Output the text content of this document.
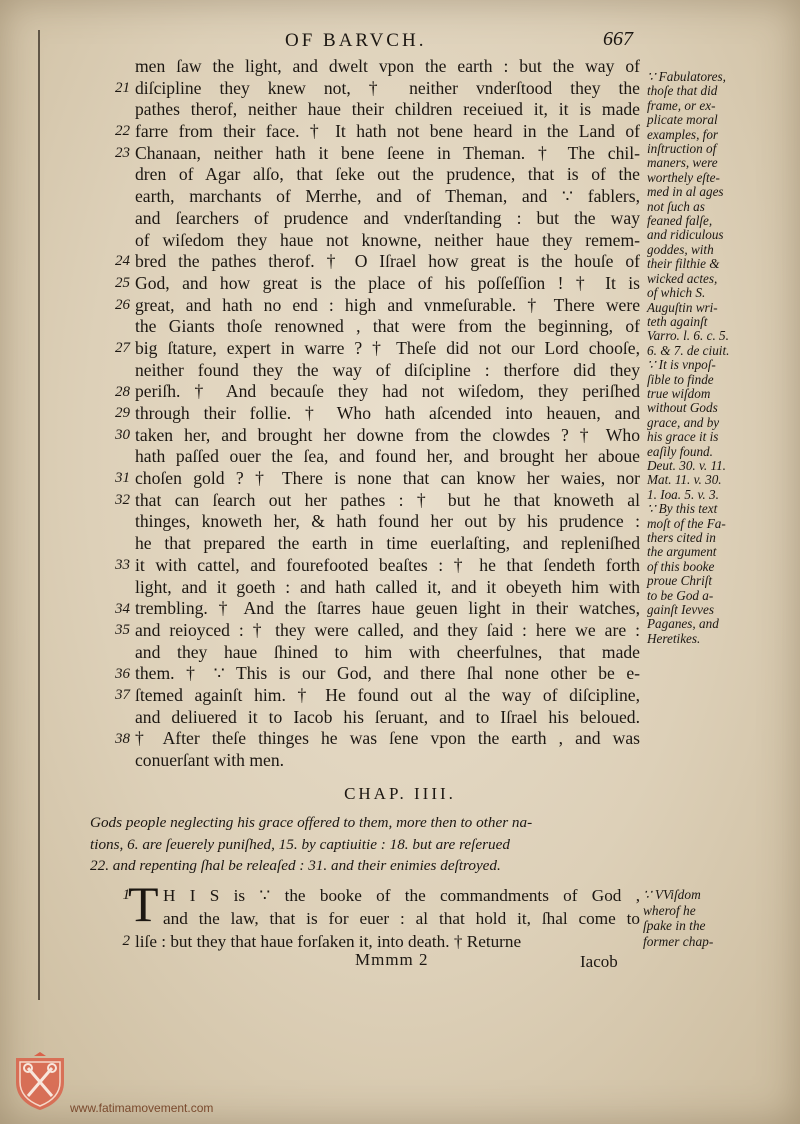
OF BARVCH.	667
21
22
23
24
25
26
27
28
29
30
31
32
33
34
35
36
37
38
men ſaw the light, and dwelt vpon the earth : but the way of
diſcipline they knew not, † neither vnderſtood they the
pathes therof, neither haue their children receiued it, it is made
farre from their face. † It hath not bene heard in the Land of
Chanaan, neither hath it bene ſeene in Theman. † The chil-
dren of Agar alſo, that ſeke out the prudence, that is of the
earth, marchants of Merrhe, and of Theman, and ∵ fablers,
and ſearchers of prudence and vnderſtanding : but the way
of wiſedom they haue not knowne, neither haue they remem-
bred the pathes therof. † O Iſrael how great is the houſe of
God, and how great is the place of his poſſeſſion ! † It is
great, and hath no end : high and vnmeſurable. † There were
the Giants thoſe renowned , that were from the beginning, of
big ſtature, expert in warre ? † Theſe did not our Lord chooſe,
neither found they the way of diſcipline : therfore did they
periſh. † And becauſe they had not wiſedom, they periſhed
through their follie. † Who hath aſcended into heauen, and
taken her, and brought her downe from the clowdes ? † Who
hath paſſed ouer the ſea, and found her, and brought her aboue
choſen gold ? † There is none that can know her waies, nor
that can ſearch out her pathes : † but he that knoweth al
thinges, knoweth her, & hath found her out by his prudence :
he that prepared the earth in time euerlaſting, and repleniſhed
it with cattel, and fourefooted beaſtes : † he that ſendeth forth
light, and it goeth : and hath called it, and it obeyeth him with
trembling. † And the ſtarres haue geuen light in their watches,
and reioyced : † they were called, and they ſaid : here we are :
and they haue ſhined to him with cheerfulnes, that made
them. † ∵ This is our God, and there ſhal none other be e-
ſtemed againſt him. † He found out al the way of diſcipline,
and deliuered it to Iacob his ſeruant, and to Iſrael his beloued.
† After theſe thinges he was ſene vpon the earth , and was
conuerſant with men.
∵ Fabulatores,
thoſe that did
frame, or ex-
plicate moral
examples, for
inſtruction of
maners, were
worthely eſte-
med in al ages
not ſuch as
feaned falſe,
and ridiculous
goddes, with
their filthie &
wicked actes,
of which S.
Auguſtin wri-
teth againſt
Varro. l. 6. c. 5.
6. & 7. de ciuit.
∵ It is vnpoſ-
ſible to finde
true wiſdom
without Gods
grace, and by
his grace it is
eaſily found.
Deut. 30. v. 11.
Mat. 11. v. 30.
1. Ioa. 5. v. 3.
∵ By this text
moſt of the Fa-
thers cited in
the argument
of this booke
proue Chriſt
to be God a-
gainſt Ievves
Paganes, and
Heretikes.
CHAP. IIII.
Gods people neglecting his grace offered to them, more then to other na-
tions, 6. are ſeuerely puniſhed, 15. by captiuitie : 18. but are reſerued
22. and repenting ſhal be releaſed : 31. and their enimies deſtroyed.
T
1
2
H I S is ∵ the booke of the commandments of God ,
and the law, that is for euer : al that hold it, ſhal come to
liſe : but they that haue forſaken it, into death. † Returne
∵ VViſdom
wherof he
ſpake in the
former chap-
Mmmm 2	Iacob
www.fatimamovement.com
